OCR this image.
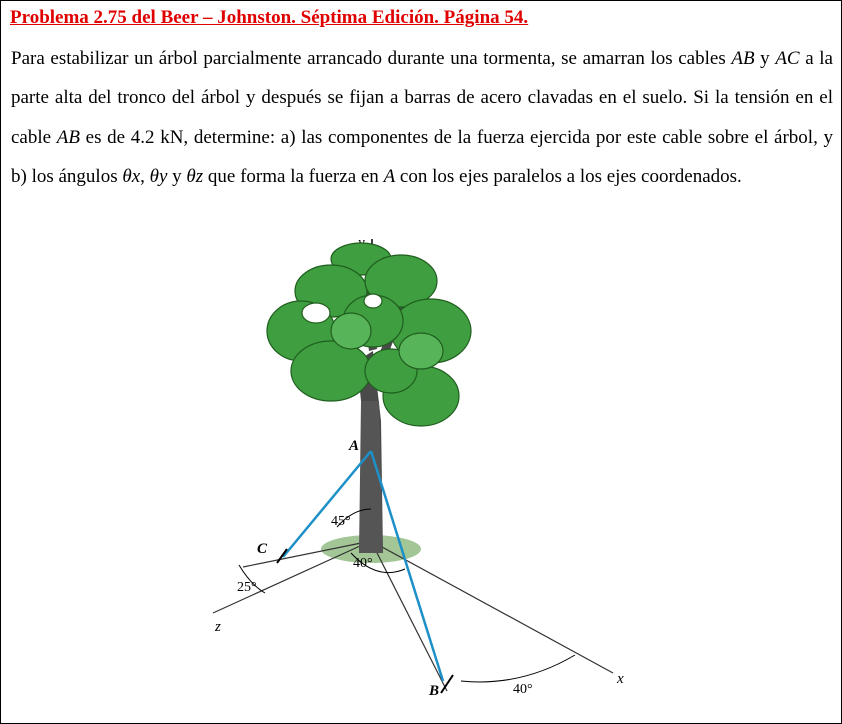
Problema 2.75 del Beer – Johnston. Séptima Edición. Página 54.
Para estabilizar un árbol parcialmente arrancado durante una tormenta, se amarran los cables AB y AC a la parte alta del tronco del árbol y después se fijan a barras de acero clavadas en el suelo. Si la tensión en el cable AB es de 4.2 kN, determine: a) las componentes de la fuerza ejercida por este cable sobre el árbol, y b) los ángulos θx, θy y θz que forma la fuerza en A con los ejes paralelos a los ejes coordenados.
x
z
A
B
C
45°
40°
25°
40°
